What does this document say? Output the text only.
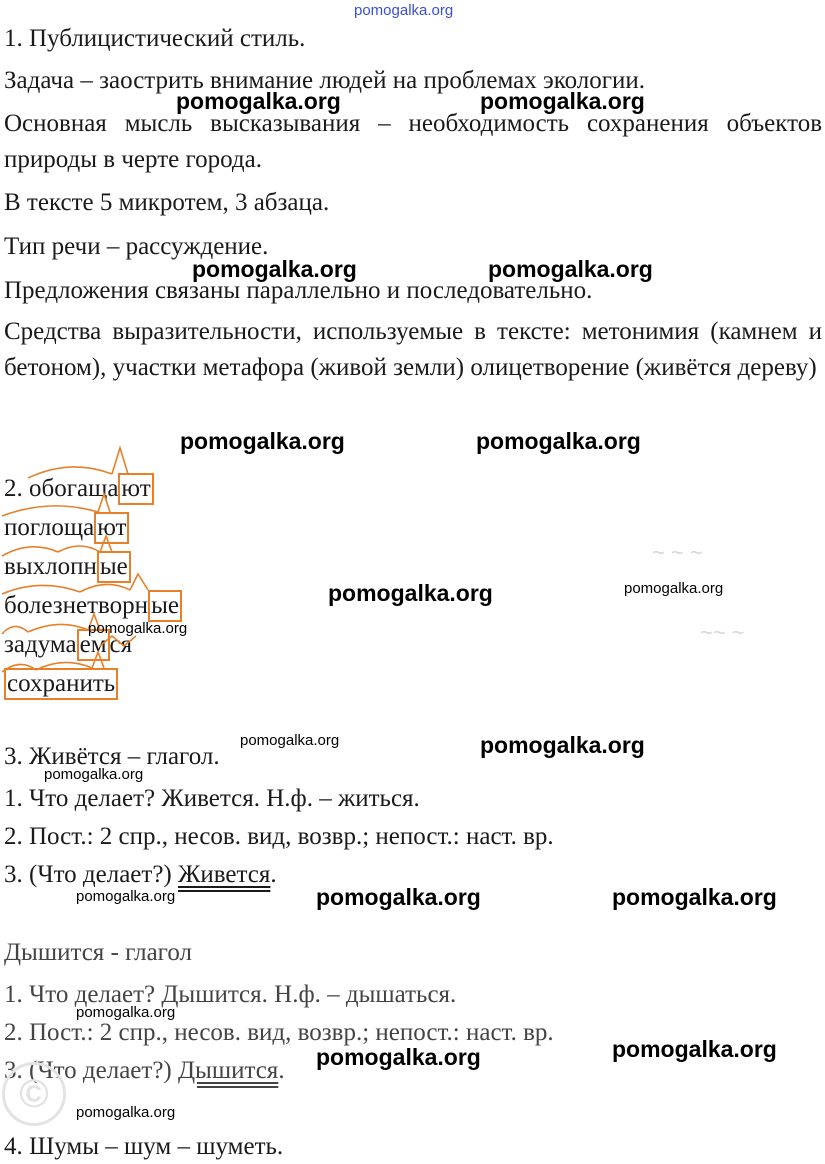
pomogalka.org
1. Публицистический стиль.
Задача – заострить внимание людей на проблемах экологии.
Основная мысль высказывания – необходимость сохранения объектов природы в черте города.
В тексте 5 микротем, 3 абзаца.
Тип речи – рассуждение.
Предложения связаны параллельно и последовательно.
Средства выразительности, используемые в тексте: метонимия (камнем и бетоном), участки метафора (живой земли) олицетворение (живётся дереву)
2. обогаща ют
поглоща ют
выхлопн ые
болезнетворн ые
задума ем ся
сохранить
3. Живётся – глагол.
1. Что делает? Живется. Н.ф. – житься.
2. Пост.: 2 спр., несов. вид, возвр.; непост.: наст. вр.
3. (Что делает?) Живется.
Дышится - глагол
1. Что делает? Дышится. Н.ф. – дышаться.
2. Пост.: 2 спр., несов. вид, возвр.; непост.: наст. вр.
3. (Что делает?) Дышится.
4. Шумы – шум – шуметь.
©
~ ~ ~
~~ ~
pomogalka.org	pomogalka.org
pomogalka.org	pomogalka.org
pomogalka.org	pomogalka.org
pomogalka.org	pomogalka.org
pomogalka.org
pomogalka.org	pomogalka.org
pomogalka.org
pomogalka.org	pomogalka.org	pomogalka.org
pomogalka.org
pomogalka.org	pomogalka.org
pomogalka.org
